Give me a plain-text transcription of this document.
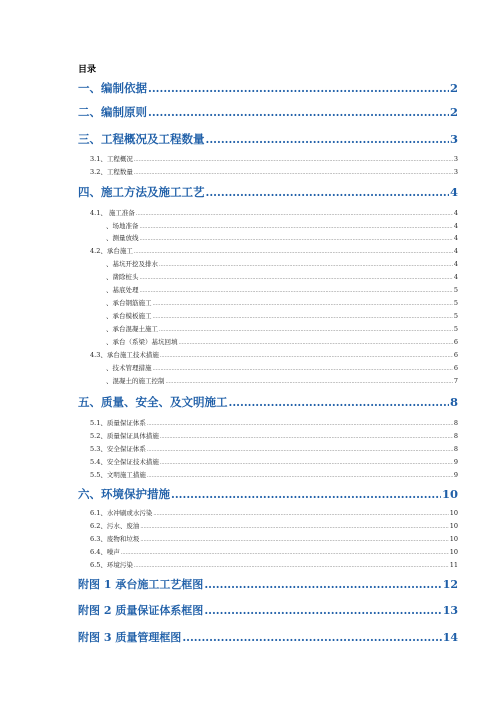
目录
一、编制依据 .....	2
二、编制原则 .....	2
三、工程概况及工程数量 .....	3
3.1、工程概况 .....	3
3.2、工程数量 .....	3
四、施工方法及施工工艺 .....	4
4.1、 施工准备 .....	4
、场地准备 .....	4
、测量放线 .....	4
4.2、承台施工 .....	4
、基坑开挖及排水 .....	4
、凿除桩头 .....	4
、基底处理 .....	5
、承台钢筋施工 .....	5
、承台模板施工 .....	5
、承台混凝土施工 .....	5
、承台（系梁）基坑回填 .....	6
4.3、承台施工技术措施 .....	6
、技术管理措施 .....	6
、混凝土的施工控制 .....	7
五、质量、安全、及文明施工 .....	8
5.1、质量保证体系 .....	8
5.2、质量保证具体措施 .....	8
5.3、安全保证体系 .....	8
5.4、安全保证技术措施 .....	9
5.5、文明施工措施 .....	9
六、环境保护措施 .....	10
6.1、水冲刷或水污染 .....	10
6.2、污水、废油 .....	10
6.3、废物和垃圾 .....	10
6.4、噪声 .....	10
6.5、环境污染 .....	11
附图 1 承台施工工艺框图 .....	12
附图 2 质量保证体系框图 .....	13
附图 3 质量管理框图 .....	14
